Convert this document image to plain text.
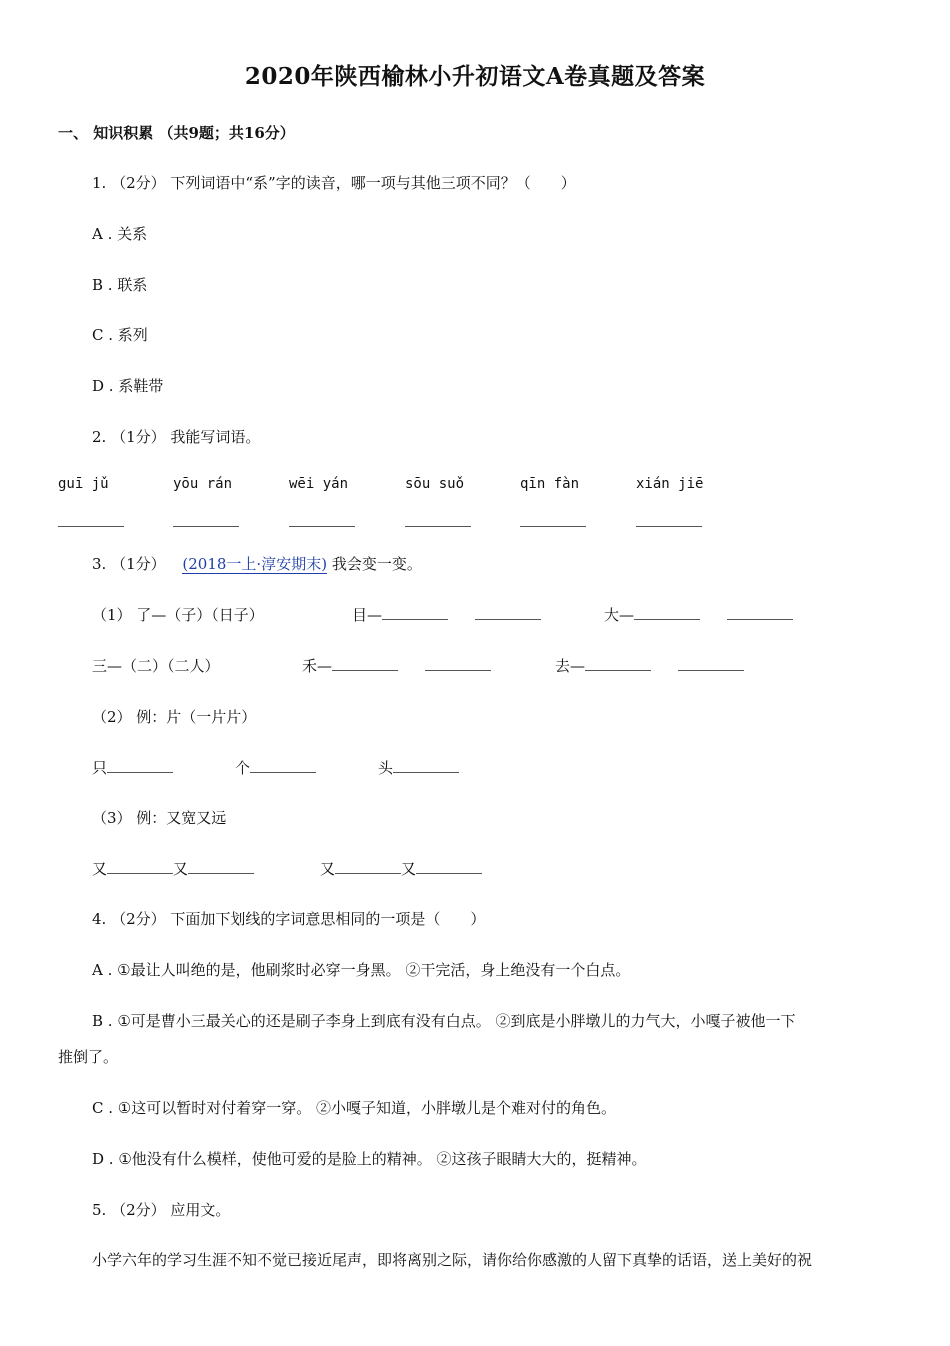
2020年陕西榆林小升初语文A卷真题及答案
一、 知识积累 （共9题；共16分）
1. （2分） 下列词语中“系”字的读音，哪一项与其他三项不同？（　　）
A . 关系
B . 联系
C . 系列
D . 系鞋带
2. （1分） 我能写词语。
guī jǔ	yōu rán	wēi yán	sōu suǒ	qīn fàn	xián jiē
3. （1分） (2018一上·淳安期末) 我会变一变。
（1） 了—（子）（日子）	目—	大—
三—（二）（二人）	禾—	去—
（2） 例：片（一片片）
只	个	头
（3） 例：又宽又远
又	又	又	又
4. （2分） 下面加下划线的字词意思相同的一项是（　　）
A . ①最让人叫绝的是，他刷浆时必穿一身黑。 ②干完活，身上绝没有一个白点。
B . ①可是曹小三最关心的还是刷子李身上到底有没有白点。 ②到底是小胖墩儿的力气大，小嘎子被他一下
推倒了。
C . ①这可以暂时对付着穿一穿。 ②小嘎子知道，小胖墩儿是个难对付的角色。
D . ①他没有什么模样，使他可爱的是脸上的精神。 ②这孩子眼睛大大的，挺精神。
5. （2分） 应用文。
小学六年的学习生涯不知不觉已接近尾声，即将离别之际，请你给你感激的人留下真挚的话语，送上美好的祝
